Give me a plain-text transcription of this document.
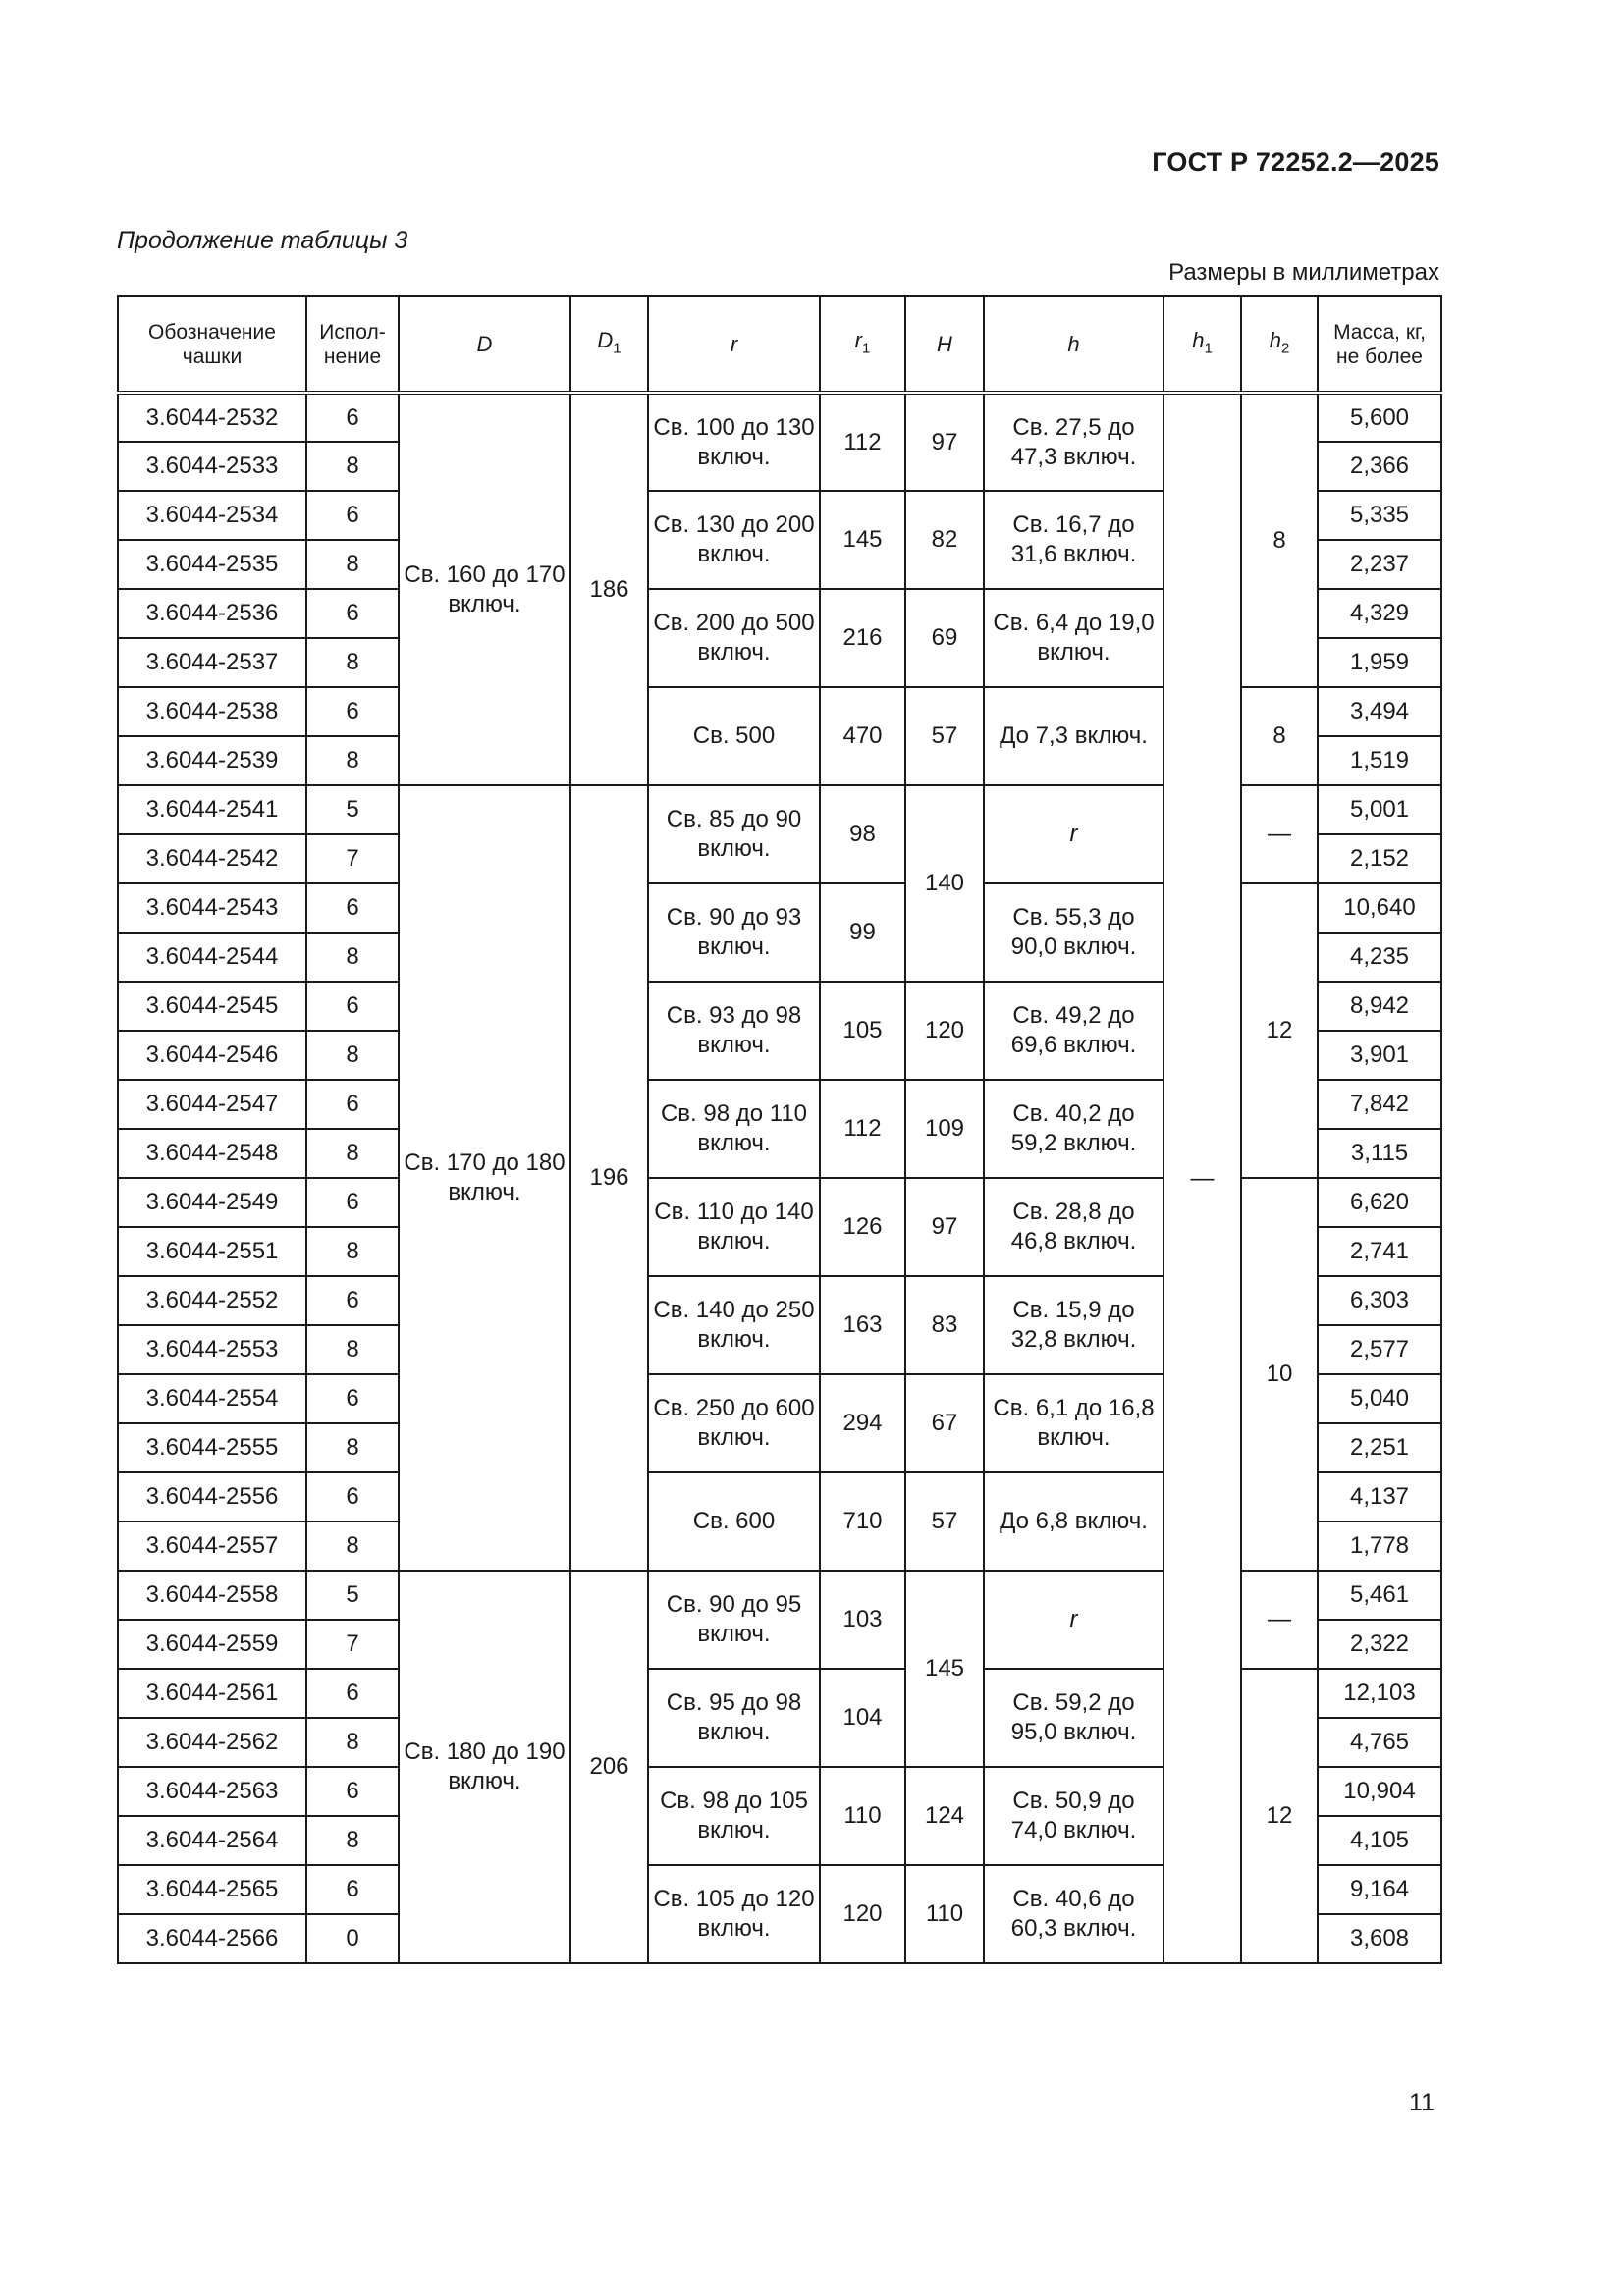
ГОСТ Р 72252.2—2025
Продолжение таблицы 3
Размеры в миллиметрах
Обозначение чашки	Испол-нение	D	$D_1$	r	$r_1$	H	h	$h_1$	$h_2$	Масса, кг, не более
3.6044-2532	6	Св. 160 до 170 включ.	186	Св. 100 до 130 включ.	112	97	Св. 27,5 до 47,3 включ.	—	8	5,600
3.6044-2533	8									2,366
3.6044-2534	6			Св. 130 до 200 включ.	145	82	Св. 16,7 до 31,6 включ.			5,335
3.6044-2535	8									2,237
3.6044-2536	6			Св. 200 до 500 включ.	216	69	Св. 6,4 до 19,0 включ.			4,329
3.6044-2537	8									1,959
3.6044-2538	6			Св. 500	470	57	До 7,3 включ.		8	3,494
3.6044-2539	8									1,519
3.6044-2541	5	Св. 170 до 180 включ.	196	Св. 85 до 90 включ.	98	140	r		—	5,001
3.6044-2542	7									2,152
3.6044-2543	6			Св. 90 до 93 включ.	99		Св. 55,3 до 90,0 включ.		12	10,640
3.6044-2544	8									4,235
3.6044-2545	6			Св. 93 до 98 включ.	105	120	Св. 49,2 до 69,6 включ.			8,942
3.6044-2546	8									3,901
3.6044-2547	6			Св. 98 до 110 включ.	112	109	Св. 40,2 до 59,2 включ.			7,842
3.6044-2548	8									3,115
3.6044-2549	6			Св. 110 до 140 включ.	126	97	Св. 28,8 до 46,8 включ.		10	6,620
3.6044-2551	8									2,741
3.6044-2552	6			Св. 140 до 250 включ.	163	83	Св. 15,9 до 32,8 включ.			6,303
3.6044-2553	8									2,577
3.6044-2554	6			Св. 250 до 600 включ.	294	67	Св. 6,1 до 16,8 включ.			5,040
3.6044-2555	8									2,251
3.6044-2556	6			Св. 600	710	57	До 6,8 включ.			4,137
3.6044-2557	8									1,778
3.6044-2558	5	Св. 180 до 190 включ.	206	Св. 90 до 95 включ.	103	145	r		—	5,461
3.6044-2559	7									2,322
3.6044-2561	6			Св. 95 до 98 включ.	104		Св. 59,2 до 95,0 включ.		12	12,103
3.6044-2562	8									4,765
3.6044-2563	6			Св. 98 до 105 включ.	110	124	Св. 50,9 до 74,0 включ.			10,904
3.6044-2564	8									4,105
3.6044-2565	6			Св. 105 до 120 включ.	120	110	Св. 40,6 до 60,3 включ.			9,164
3.6044-2566	0									3,608
11
